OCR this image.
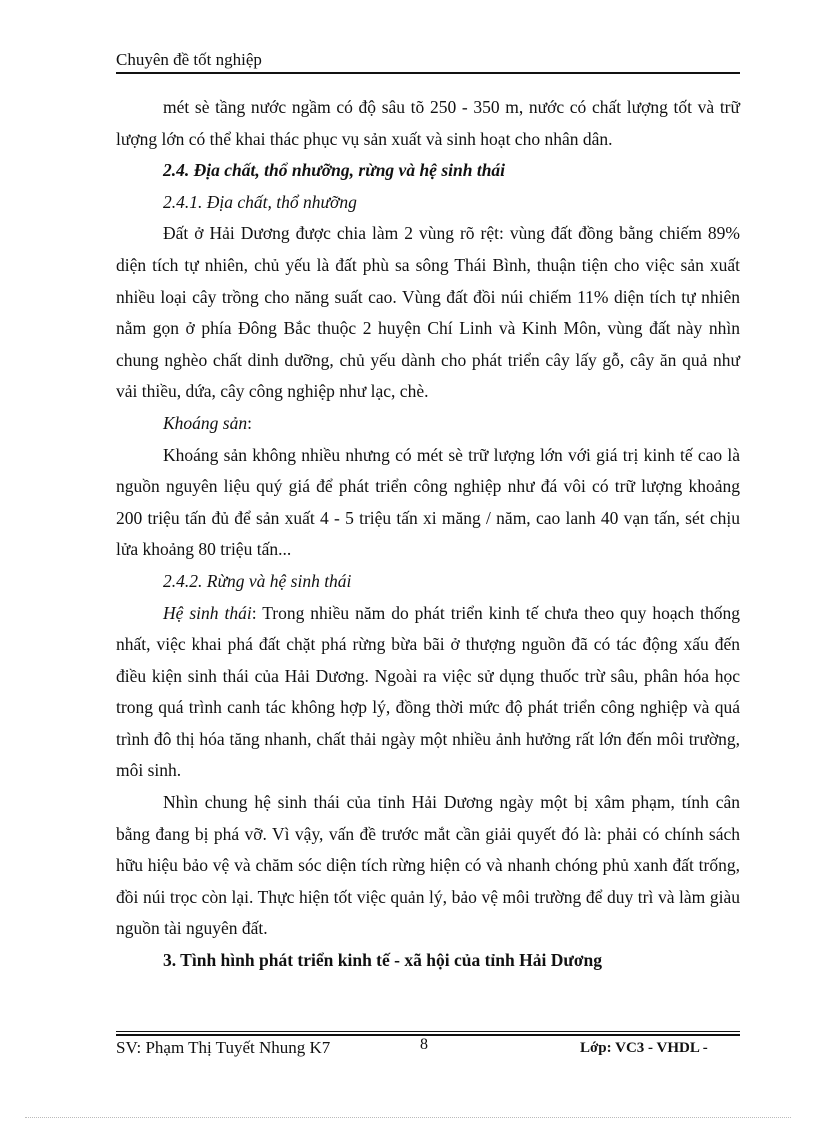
Chuyên đề tốt nghiệp

mét sè tầng nước ngầm có độ sâu tõ 250 - 350 m, nước có chất lượng tốt và trữ lượng lớn có thể khai thác phục vụ sản xuất và sinh hoạt cho nhân dân.

2.4. Địa chất, thổ nhưỡng, rừng và hệ sinh thái

2.4.1. Địa chất, thổ nhưỡng

Đất ở Hải Dương được chia làm 2 vùng rõ rệt: vùng đất đồng bằng chiếm 89% diện tích tự nhiên, chủ yếu là đất phù sa sông Thái Bình, thuận tiện cho việc sản xuất nhiều loại cây trồng cho năng suất cao. Vùng đất đồi núi chiếm 11% diện tích tự nhiên nằm gọn ở phía Đông Bắc thuộc 2 huyện Chí Linh và Kinh Môn, vùng đất này nhìn chung nghèo chất dinh dưỡng, chủ yếu dành cho phát triển cây lấy gỗ, cây ăn quả như vải thiều, dứa, cây công nghiệp như lạc, chè.

Khoáng sản:

Khoáng sản không nhiều nhưng có mét sè trữ lượng lớn với giá trị kinh tế cao là nguồn nguyên liệu quý giá để phát triển công nghiệp như đá vôi có trữ lượng khoảng 200 triệu tấn đủ để sản xuất 4 - 5 triệu tấn xi măng / năm, cao lanh 40 vạn tấn, sét chịu lửa khoảng 80 triệu tấn...

2.4.2. Rừng và hệ sinh thái

Hệ sinh thái: Trong nhiều năm do phát triển kinh tế chưa theo quy hoạch thống nhất, việc khai phá đất chặt phá rừng bừa bãi ở thượng nguồn đã có tác động xấu đến điều kiện sinh thái của Hải Dương. Ngoài ra việc sử dụng thuốc trừ sâu, phân hóa học trong quá trình canh tác không hợp lý, đồng thời mức độ phát triển công nghiệp và quá trình đô thị hóa tăng nhanh, chất thải ngày một nhiều ảnh hưởng rất lớn đến môi trường, môi sinh.

Nhìn chung hệ sinh thái của tỉnh Hải Dương ngày một bị xâm phạm, tính cân bằng đang bị phá vỡ. Vì vậy, vấn đề trước mắt cần giải quyết đó là: phải có chính sách hữu hiệu bảo vệ và chăm sóc diện tích rừng hiện có và nhanh chóng phủ xanh đất trống, đồi núi trọc còn lại. Thực hiện tốt việc quản lý, bảo vệ môi trường để duy trì và làm giàu nguồn tài nguyên đất.

3. Tình hình phát triển kinh tế - xã hội của tỉnh Hải Dương

SV: Phạm Thị Tuyết Nhung K7	8	Lớp: VC3 - VHDL -
